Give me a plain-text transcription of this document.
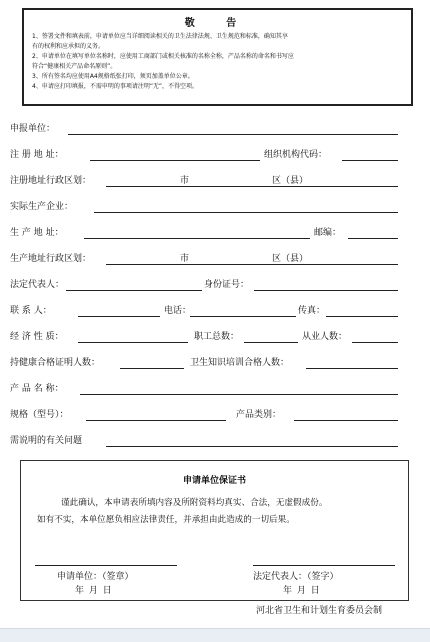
敬 告
1、签署文件和填表前，申请单位应当详细阅读相关的卫生法律法规、卫生规范和标准，确知其享
有的权利和应承担的义务。
2、申请单位在填写单位名称时，应使用工商部门或相关核准的名称全称，产品名称的命名和书写应
符合“健康相关产品命名原则”。
3、所有签名均应使用A4规格纸张打印，须页加盖单位公章。
4、申请应打印填报，不需申明的事项请注明“无”，不得空项。
申报单位：
注 册 地 址：	组织机构代码：
注册地址行政区划：	市	区（县）
实际生产企业：
生 产 地 址：	邮编：
生产地址行政区划：	市	区（县）
法定代表人：	身份证号：
联 系 人：	电话：	传真：
经 济 性 质：	职工总数：	从业人数：
持健康合格证明人数：	卫生知识培训合格人数：
产 品 名 称：
规格（型号）：	产品类别：
需说明的有关问题
申请单位保证书
谨此确认，本申请表所填内容及所附资料均真实、合法，无虚假成份。
如有不实，本单位愿负相应法律责任，并承担由此造成的一切后果。
申请单位：（签章）	法定代表人：（签字）
年 月 日	年 月 日
河北省卫生和计划生育委员会制
